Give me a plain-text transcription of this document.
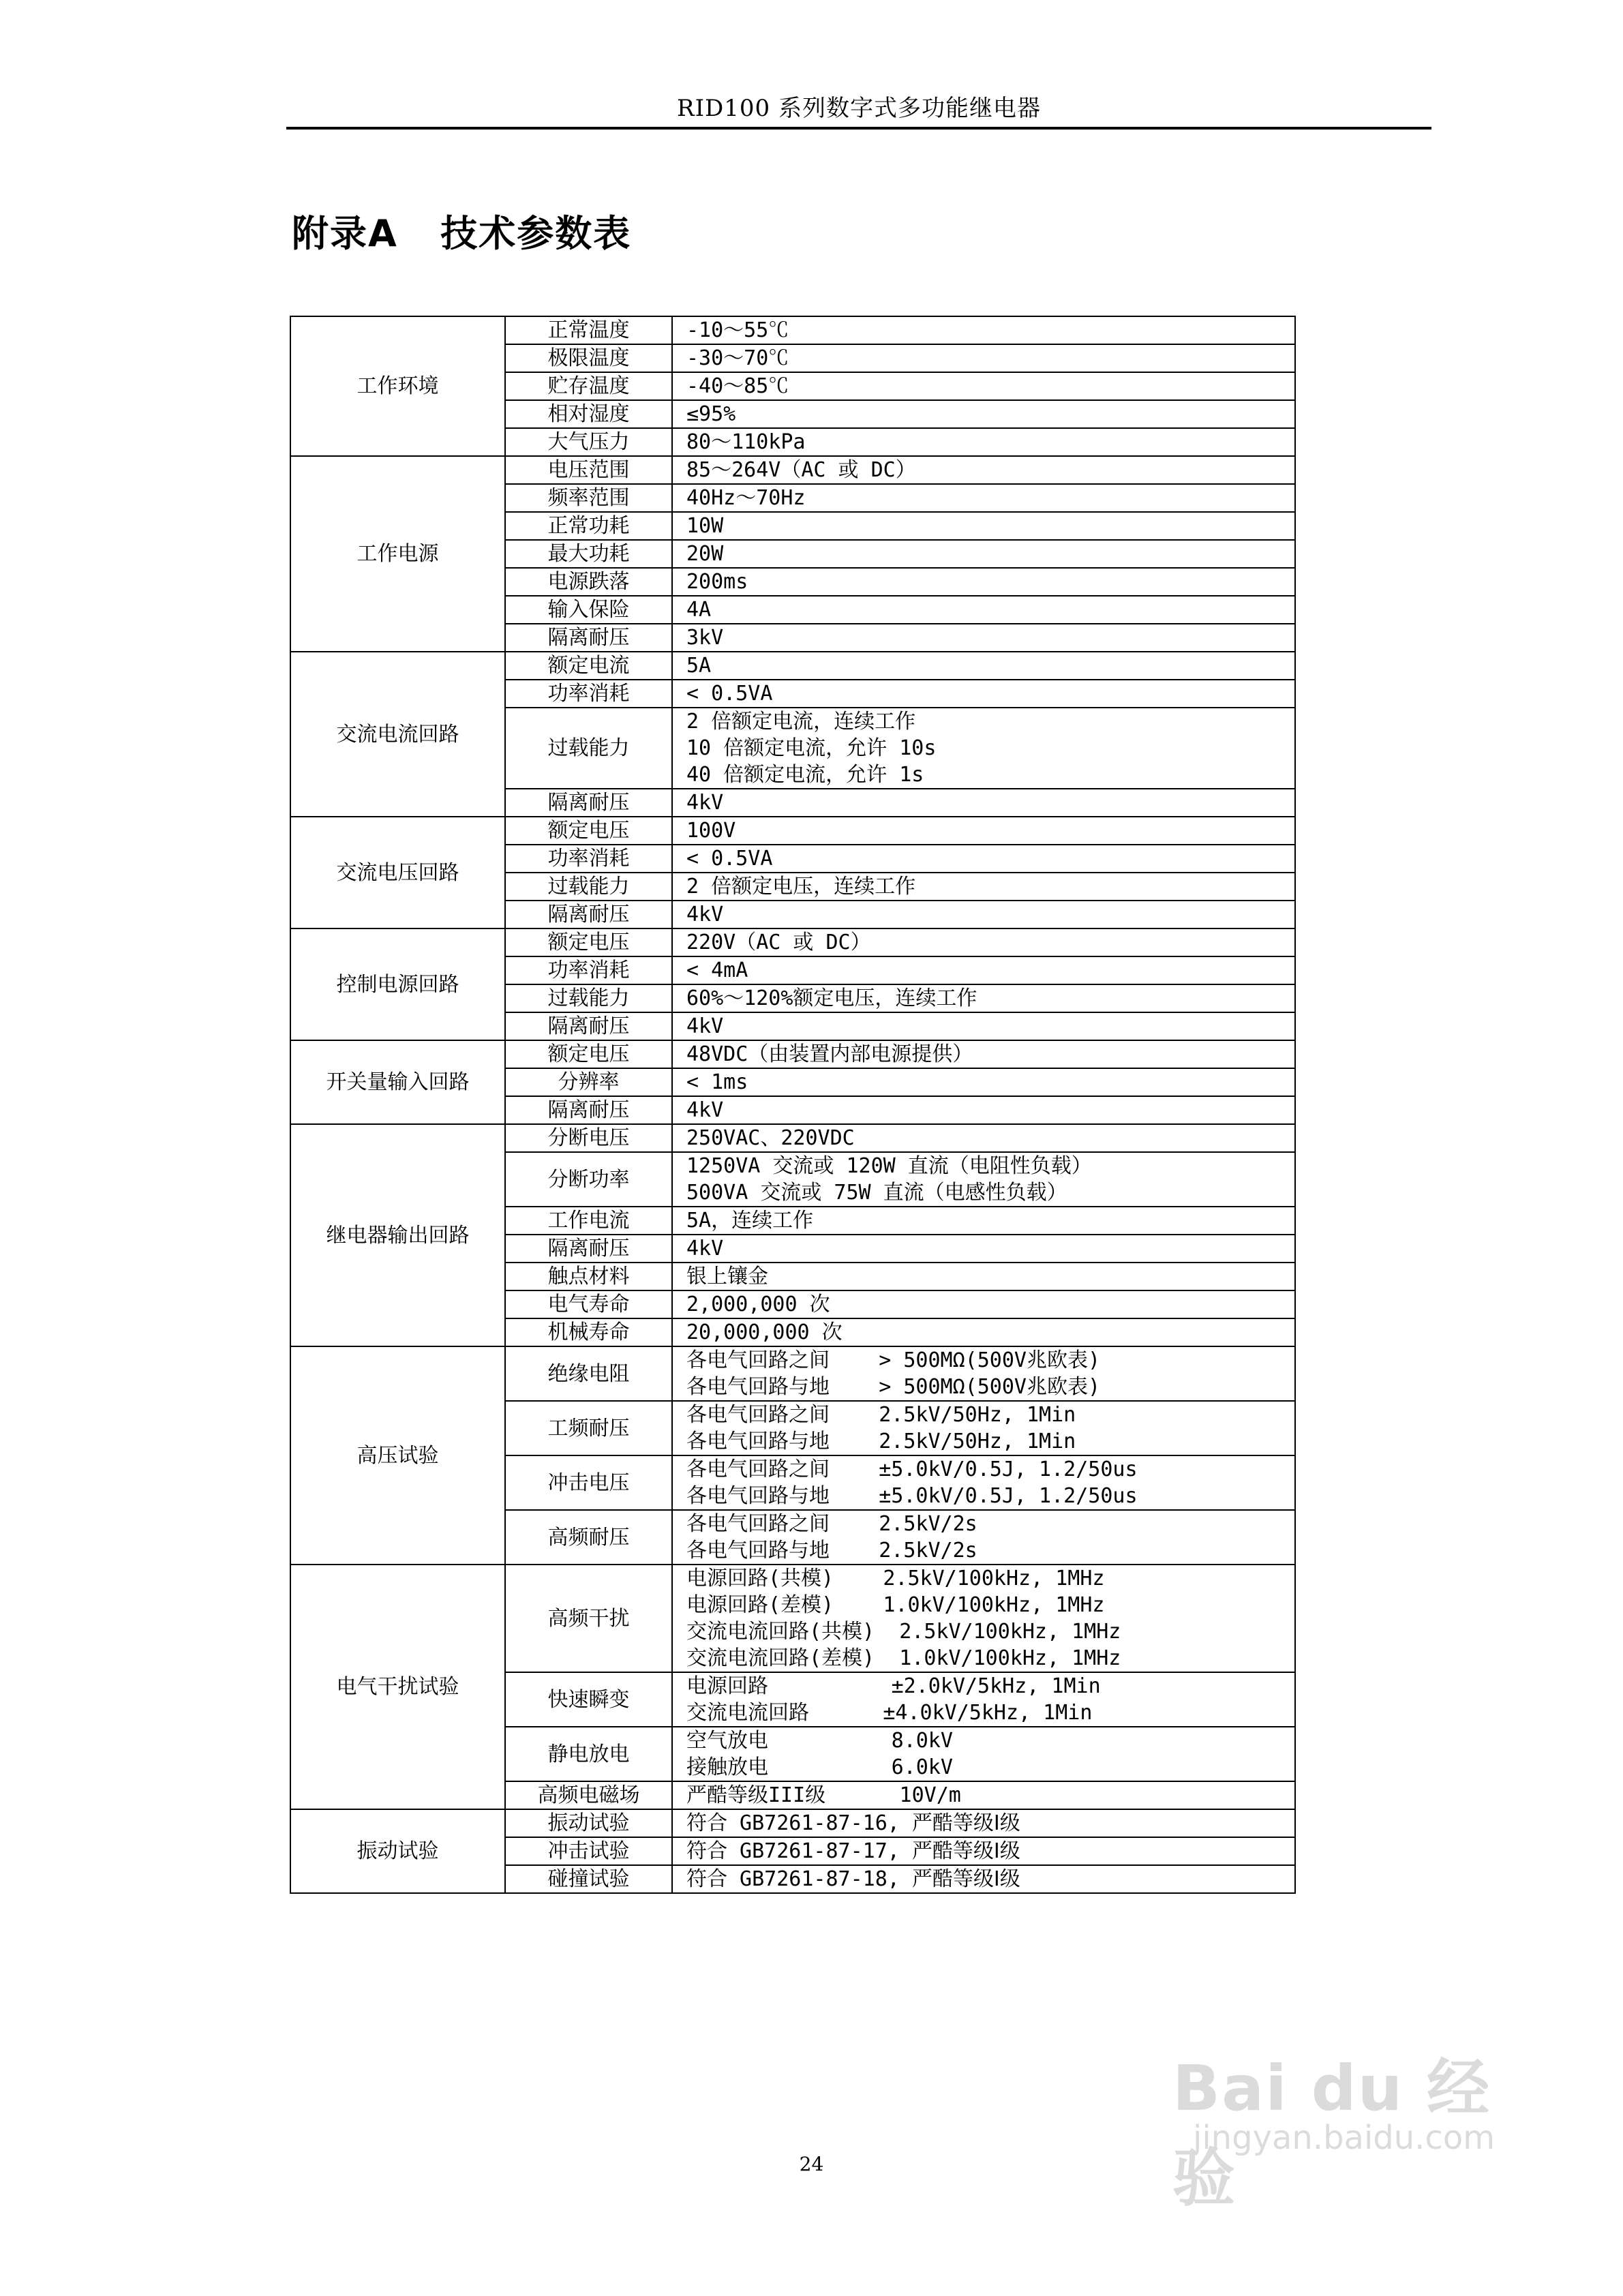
RID100 系列数字式多功能继电器
附录A   技术参数表
工作环境	正常温度	-10～55℃

	极限温度	-30～70℃

	贮存温度	-40～85℃

	相对湿度	≤95%

	大气压力	80～110kPa

工作电源	电压范围	85～264V（AC 或 DC）

	频率范围	40Hz～70Hz

	正常功耗	10W

	最大功耗	20W

	电源跌落	200ms

	输入保险	4A

	隔离耐压	3kV

交流电流回路	额定电流	5A

	功率消耗	< 0.5VA

	过载能力	2 倍额定电流，连续工作
10 倍额定电流，允许 10s
40 倍额定电流，允许 1s

	隔离耐压	4kV

交流电压回路	额定电压	100V

	功率消耗	< 0.5VA

	过载能力	2 倍额定电压，连续工作

	隔离耐压	4kV

控制电源回路	额定电压	220V（AC 或 DC）

	功率消耗	< 4mA

	过载能力	60%～120%额定电压，连续工作

	隔离耐压	4kV

开关量输入回路	额定电压	48VDC（由装置内部电源提供）

	分辨率	< 1ms

	隔离耐压	4kV

继电器输出回路	分断电压	250VAC、220VDC

	分断功率	1250VA 交流或 120W 直流（电阻性负载）
500VA 交流或 75W 直流（电感性负载）

	工作电流	5A，连续工作

	隔离耐压	4kV

	触点材料	银上镶金

	电气寿命	2,000,000 次

	机械寿命	20,000,000 次

高压试验	绝缘电阻	各电气回路之间    > 500MΩ(500V兆欧表)
各电气回路与地    > 500MΩ(500V兆欧表)

	工频耐压	各电气回路之间    2.5kV/50Hz, 1Min
各电气回路与地    2.5kV/50Hz, 1Min

	冲击电压	各电气回路之间    ±5.0kV/0.5J, 1.2/50us
各电气回路与地    ±5.0kV/0.5J, 1.2/50us

	高频耐压	各电气回路之间    2.5kV/2s
各电气回路与地    2.5kV/2s

电气干扰试验	高频干扰	电源回路(共模)    2.5kV/100kHz, 1MHz
电源回路(差模)    1.0kV/100kHz, 1MHz
交流电流回路(共模)  2.5kV/100kHz, 1MHz
交流电流回路(差模)  1.0kV/100kHz, 1MHz

	快速瞬变	电源回路          ±2.0kV/5kHz, 1Min
交流电流回路      ±4.0kV/5kHz, 1Min

	静电放电	空气放电          8.0kV
接触放电          6.0kV

	高频电磁场	严酷等级III级      10V/m

振动试验	振动试验	符合 GB7261-87-16, 严酷等级Ⅰ级

	冲击试验	符合 GB7261-87-17, 严酷等级Ⅰ级

	碰撞试验	符合 GB7261-87-18, 严酷等级Ⅰ级
24
Bai du 经验
jingyan.baidu.com
